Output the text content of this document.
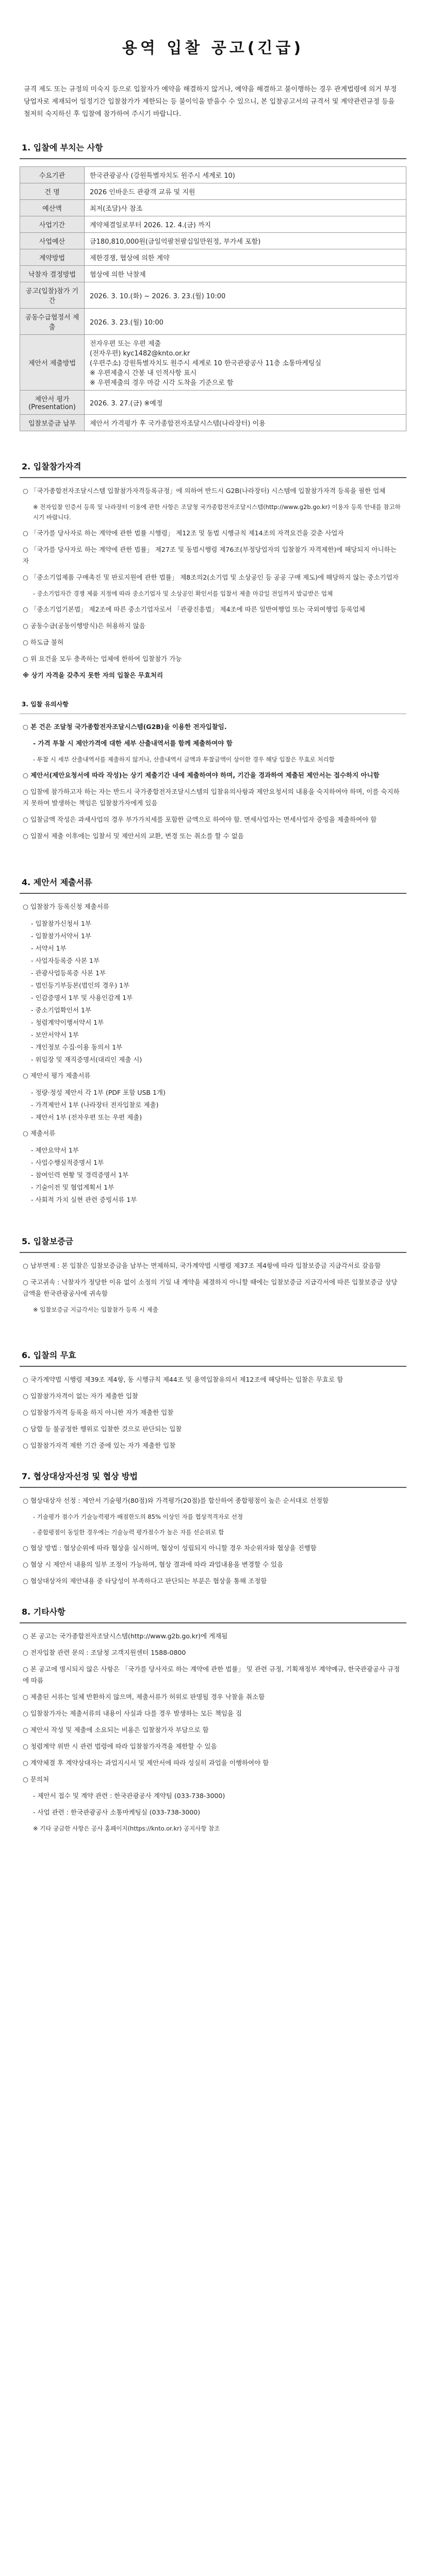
용역 입찰 공고(긴급)
규격 제도 또는 규정의 미숙지 등으로 입찰자가 예약을 해결하지 않거나, 예약을 해결하고 불이행하는 경우 관계법령에 의거 부정당업자로 제재되어 일정기간 입찰참가가 제한되는 등 불이익을 받을수 수 있으니, 본 입찰공고서의 규격서 및 계약관련규정 등을 철저히 숙지하신 후 입찰에 참가하여 주시기 바랍니다.
1. 입찰에 부치는 사항
수요기관	한국관광공사 (강원특별자치도 원주시 세계로 10)
건 명	2026 인바운드 관광객 교류 및 지원
예산액	최저(조달)사 참조
사업기간	계약체결일로부터 2026. 12. 4.(금) 까지
사업예산	금180,810,000원(금일억팔천팔십일만원정, 부가세 포함)
계약방법	제한경쟁, 협상에 의한 계약
낙찰자 결정방법	협상에 의한 낙찰제
공고(입찰)참가 기간	2026. 3. 10.(화) ~ 2026. 3. 23.(월) 10:00
공동수급협정서 제출	2026. 3. 23.(월) 10:00
제안서 제출방법	전자우편 또는 우편 제출
(전자우편) kyc1482@knto.or.kr
(우편주소) 강원특별자치도 원주시 세계로 10 한국관광공사 11층 소통마케팅실
※ 우편제출시 간봉 내 인적사항 표시
※ 우편제출의 경우 마감 시각 도착을 기준으로 함
제안서 평가(Presentation)	2026. 3. 27.(금) ※예정
입찰보증금 납부	제안서 가격평가 후 국가종합전자조달시스템(나라장터) 이용
2. 입찰참가자격
○ 「국가종합전자조달시스템 입찰참가자격등록규정」에 의하여 반드시 G2B(나라장터) 시스템에 입찰참가자격 등록을 필한 업체
※ 전자입찰 인증서 등록 및 나라장터 이용에 관한 사항은 조달청 국가종합전자조달시스템(http://www.g2b.go.kr) 이용자 등록 안내를 참고하시기 바랍니다.
○ 「국가를 당사자로 하는 계약에 관한 법률 시행령」 제12조 및 동법 시행규칙 제14조의 자격요건을 갖춘 사업자
○ 「국가를 당사자로 하는 계약에 관한 법률」 제27조 및 동법시행령 제76조(부정당업자의 입찰참가 자격제한)에 해당되지 아니하는 자
○ 「중소기업제품 구매촉진 및 판로지원에 관한 법률」 제8조의2(소기업 및 소상공인 등 공공 구매 제도)에 해당하지 않는 중소기업자
- 중소기업자간 경쟁 제품 지정에 따라 중소기업자 및 소상공인 확인서를 입찰서 제출 마감일 전일까지 발급받은 업체
○ 「중소기업기본법」 제2조에 따른 중소기업자로서 「관광진흥법」 제4조에 따른 일반여행업 또는 국외여행업 등록업체
○ 공동수급(공동이행방식)은 허용하지 않음
○ 하도급 불허
○ 위 요건을 모두 충족하는 업체에 한하여 입찰참가 가능
※ 상기 자격을 갖추지 못한 자의 입찰은 무효처리
3. 입찰 유의사항
○ 본 건은 조달청 국가종합전자조달시스템(G2B)을 이용한 전자입찰임.
- 가격 투찰 시 제안가격에 대한 세부 산출내역서를 함께 제출하여야 함
- 투찰 시 세부 산출내역서를 제출하지 않거나, 산출내역서 금액과 투찰금액이 상이한 경우 해당 입찰은 무효로 처리함
○ 제안서(제안요청서에 따라 작성)는 상기 제출기간 내에 제출하여야 하며, 기간을 경과하여 제출된 제안서는 접수하지 아니함
○ 입찰에 참가하고자 하는 자는 반드시 국가종합전자조달시스템의 입찰유의사항과 제안요청서의 내용을 숙지하여야 하며, 이를 숙지하지 못하여 발생하는 책임은 입찰참가자에게 있음
○ 입찰금액 작성은 과세사업의 경우 부가가치세를 포함한 금액으로 하여야 함. 면세사업자는 면세사업자 증빙을 제출하여야 함
○ 입찰서 제출 이후에는 입찰서 및 제안서의 교환, 변경 또는 취소를 할 수 없음
4. 제안서 제출서류
○ 입찰참가 등록신청 제출서류
- 입찰참가신청서 1부
- 입찰참가서약서 1부
- 서약서 1부
- 사업자등록증 사본 1부
- 관광사업등록증 사본 1부
- 법인등기부등본(법인의 경우) 1부
- 인감증명서 1부 및 사용인감계 1부
- 중소기업확인서 1부
- 청렴계약이행서약서 1부
- 보안서약서 1부
- 개인정보 수집·이용 동의서 1부
- 위임장 및 재직증명서(대리인 제출 시)
○ 제안서 평가 제출서류
- 정량·정성 제안서 각 1부 (PDF 포함 USB 1개)
- 가격제안서 1부 (나라장터 전자입찰로 제출)
- 제안서 1부 (전자우편 또는 우편 제출)
○ 제출서류
- 제안요약서 1부
- 사업수행실적증명서 1부
- 참여인력 현황 및 경력증명서 1부
- 기술이전 및 협업계획서 1부
- 사회적 가치 실현 관련 증빙서류 1부
5. 입찰보증금
○ 납부면제 : 본 입찰은 입찰보증금을 납부는 면제하되, 국가계약법 시행령 제37조 제4항에 따라 입찰보증금 지급각서로 갈음함
○ 국고귀속 : 낙찰자가 정당한 이유 없이 소정의 기일 내 계약을 체결하지 아니할 때에는 입찰보증금 지급각서에 따른 입찰보증금 상당 금액을 한국관광공사에 귀속함
※ 입찰보증금 지급각서는 입찰참가 등록 시 제출
6. 입찰의 무효
○ 국가계약법 시행령 제39조 제4항, 동 시행규칙 제44조 및 용역입찰유의서 제12조에 해당하는 입찰은 무효로 함
○ 입찰참가자격이 없는 자가 제출한 입찰
○ 입찰참가자격 등록을 하지 아니한 자가 제출한 입찰
○ 담합 등 불공정한 행위로 입찰한 것으로 판단되는 입찰
○ 입찰참가자격 제한 기간 중에 있는 자가 제출한 입찰
7. 협상대상자선정 및 협상 방법
○ 협상대상자 선정 : 제안서 기술평가(80점)와 가격평가(20점)를 합산하여 종합평점이 높은 순서대로 선정함
- 기술평가 점수가 기술능력평가 배점한도의 85% 이상인 자를 협상적격자로 선정
- 종합평점이 동일한 경우에는 기술능력 평가점수가 높은 자를 선순위로 함
○ 협상 방법 : 협상순위에 따라 협상을 실시하며, 협상이 성립되지 아니할 경우 차순위자와 협상을 진행함
○ 협상 시 제안서 내용의 일부 조정이 가능하며, 협상 결과에 따라 과업내용을 변경할 수 있음
○ 협상대상자의 제안내용 중 타당성이 부족하다고 판단되는 부분은 협상을 통해 조정함
8. 기타사항
○ 본 공고는 국가종합전자조달시스템(http://www.g2b.go.kr)에 게재됨
○ 전자입찰 관련 문의 : 조달청 고객지원센터 1588-0800
○ 본 공고에 명시되지 않은 사항은 「국가를 당사자로 하는 계약에 관한 법률」 및 관련 규정, 기획재정부 계약예규, 한국관광공사 규정에 따름
○ 제출된 서류는 일체 반환하지 않으며, 제출서류가 허위로 판명될 경우 낙찰을 취소함
○ 입찰참가자는 제출서류의 내용이 사실과 다를 경우 발생하는 모든 책임을 짐
○ 제안서 작성 및 제출에 소요되는 비용은 입찰참가자 부담으로 함
○ 청렴계약 위반 시 관련 법령에 따라 입찰참가자격을 제한할 수 있음
○ 계약체결 후 계약상대자는 과업지시서 및 제안서에 따라 성실히 과업을 이행하여야 함
○ 문의처
- 제안서 접수 및 계약 관련 : 한국관광공사 계약팀 (033-738-3000)
- 사업 관련 : 한국관광공사 소통마케팅실 (033-738-3000)
※ 기타 궁금한 사항은 공사 홈페이지(https://knto.or.kr) 공지사항 참조
